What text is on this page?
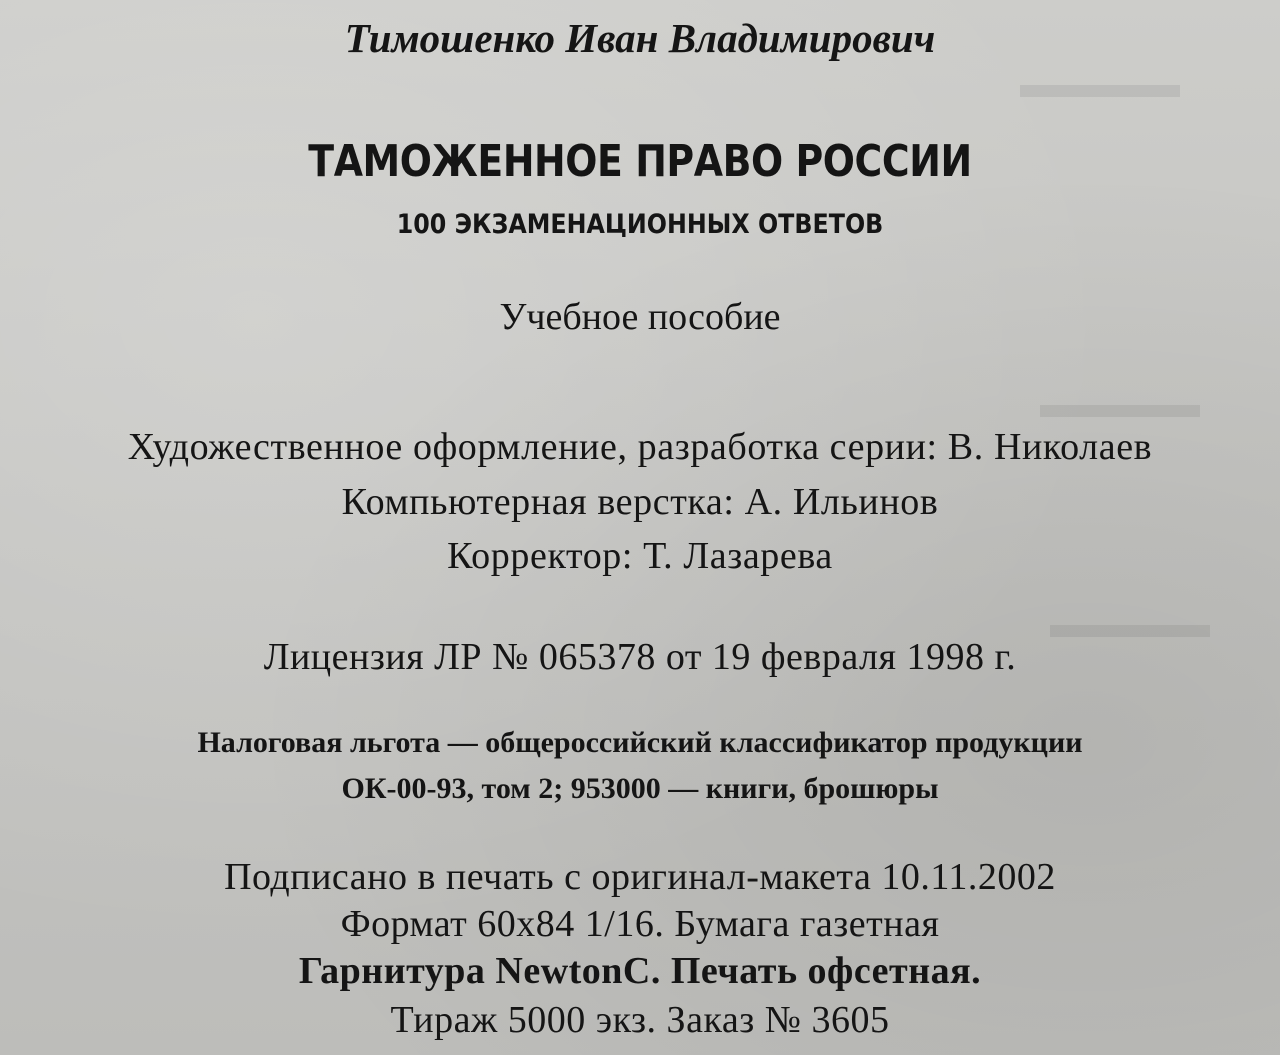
▬▬▬▬
▬▬▬▬
▬▬▬▬
Тимошенко Иван Владимирович
ТАМОЖЕННОЕ ПРАВО РОССИИ
100 ЭКЗАМЕНАЦИОННЫХ ОТВЕТОВ
Учебное пособие
Художественное оформление, разработка серии: В. Николаев
Компьютерная верстка: А. Ильинов
Корректор: Т. Лазарева
Лицензия ЛР № 065378 от 19 февраля 1998 г.
Налоговая льгота — общероссийский классификатор продукции
ОК-00-93, том 2; 953000 — книги, брошюры
Подписано в печать с оригинал-макета 10.11.2002
Формат 60х84 1/16. Бумага газетная
Гарнитура NewtonC. Печать офсетная.
Тираж 5000 экз. Заказ № 3605
